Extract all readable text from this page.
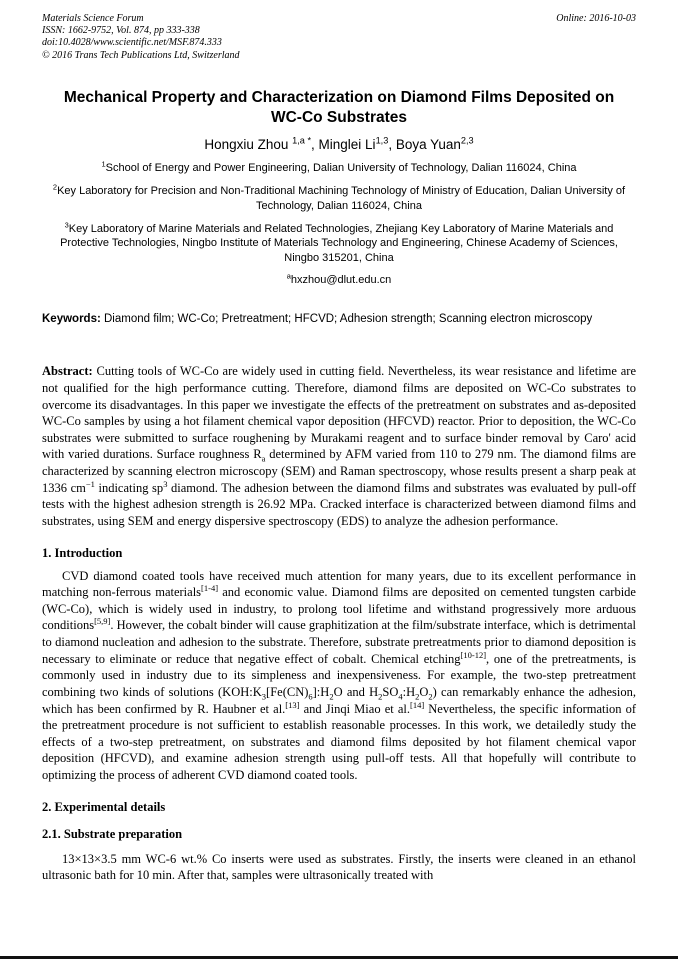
Materials Science Forum
ISSN: 1662-9752, Vol. 874, pp 333-338
doi:10.4028/www.scientific.net/MSF.874.333
© 2016 Trans Tech Publications Ltd, Switzerland
Online: 2016-10-03
Mechanical Property and Characterization on Diamond Films Deposited on WC-Co Substrates
Hongxiu Zhou $^{1,a *}$, Minglei Li$^{1,3}$, Boya Yuan$^{2,3}$
$^1$School of Energy and Power Engineering, Dalian University of Technology, Dalian 116024, China
$^2$Key Laboratory for Precision and Non-Traditional Machining Technology of Ministry of Education, Dalian University of Technology, Dalian 116024, China
$^3$Key Laboratory of Marine Materials and Related Technologies, Zhejiang Key Laboratory of Marine Materials and Protective Technologies, Ningbo Institute of Materials Technology and Engineering, Chinese Academy of Sciences, Ningbo 315201, China
$^a$hxzhou@dlut.edu.cn
Keywords: Diamond film; WC-Co; Pretreatment; HFCVD; Adhesion strength; Scanning electron microscopy

Abstract: Cutting tools of WC-Co are widely used in cutting field. Nevertheless, its wear resistance and lifetime are not qualified for the high performance cutting. Therefore, diamond films are deposited on WC-Co substrates to overcome its disadvantages. In this paper we investigate the effects of the pretreatment on substrates and as-deposited WC-Co samples by using a hot filament chemical vapor deposition (HFCVD) reactor. Prior to deposition, the WC-Co substrates were submitted to surface roughening by Murakami reagent and to surface binder removal by Caro' acid with varied durations. Surface roughness $R_a$ determined by AFM varied from 110 to 279 nm. The diamond films are characterized by scanning electron microscopy (SEM) and Raman spectroscopy, whose results present a sharp peak at 1336 $cm^{-1}$ indicating $sp^3$ diamond. The adhesion between the diamond films and substrates was evaluated by pull-off tests with the highest adhesion strength is 26.92 MPa. Cracked interface is characterized between diamond films and substrates, using SEM and energy dispersive spectroscopy (EDS) to analyze the adhesion performance.

1. Introduction

CVD diamond coated tools have received much attention for many years, due to its excellent performance in matching non-ferrous materials[1-4] and economic value. Diamond films are deposited on cemented tungsten carbide (WC-Co), which is widely used in industry, to prolong tool lifetime and withstand progressively more arduous conditions[5,9]. However, the cobalt binder will cause graphitization at the film/substrate interface, which is detrimental to diamond nucleation and adhesion to the substrate. Therefore, substrate pretreatments prior to diamond deposition is necessary to eliminate or reduce that negative effect of cobalt. Chemical etching[10-12], one of the pretreatments, is commonly used in industry due to its simpleness and inexpensiveness. For example, the two-step pretreatment combining two kinds of solutions ($KOH:K_3[Fe(CN)_6]:H_2O$ and $H_2SO_4:H_2O_2$) can remarkably enhance the adhesion, which has been confirmed by R. Haubner et al.[13] and Jinqi Miao et al.[14] Nevertheless, the specific information of the pretreatment procedure is not sufficient to establish reasonable processes. In this work, we detailedly study the effects of a two-step pretreatment, on substrates and diamond films deposited by hot filament chemical vapor deposition (HFCVD), and examine adhesion strength using pull-off tests. All that hopefully will contribute to optimizing the process of adherent CVD diamond coated tools.

2. Experimental details
2.1. Substrate preparation

13×13×3.5 mm WC-6 wt.% Co inserts were used as substrates. Firstly, the inserts were cleaned in an ethanol ultrasonic bath for 10 min. After that, samples were ultrasonically treated with
